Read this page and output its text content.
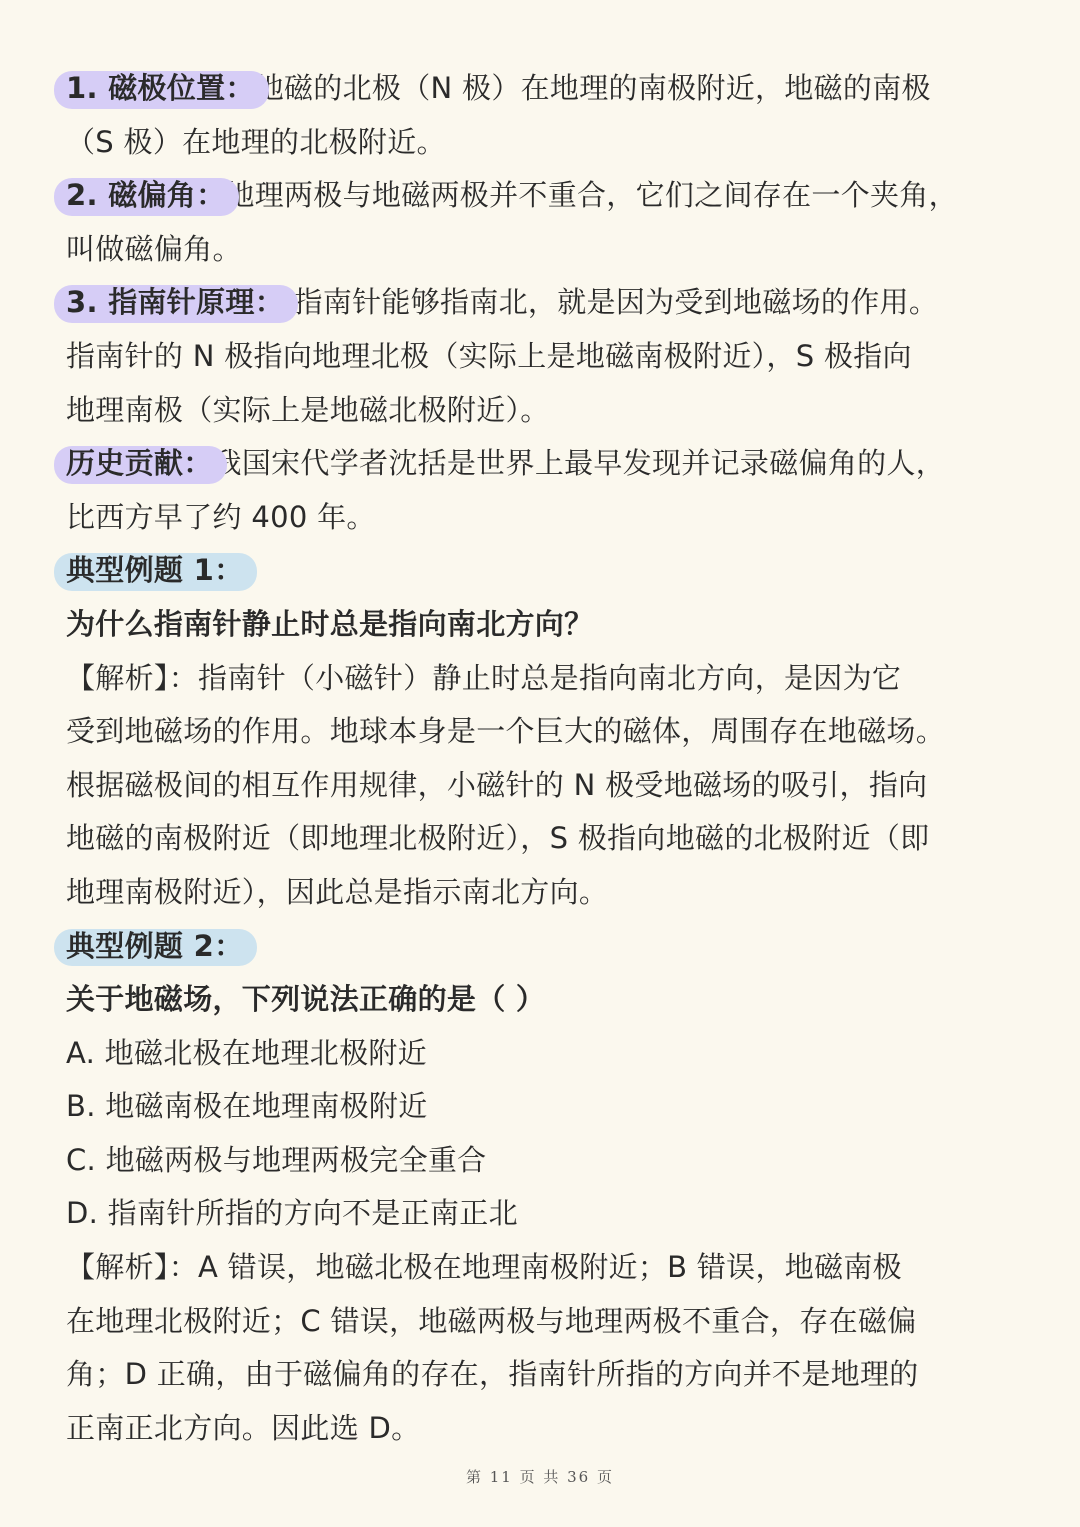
1. 磁极位置：地磁的北极（N 极）在地理的南极附近，地磁的南极
（S 极）在地理的北极附近。
2. 磁偏角：地理两极与地磁两极并不重合，它们之间存在一个夹角，
叫做磁偏角。
3. 指南针原理： 指南针能够指南北，就是因为受到地磁场的作用。
指南针的 N 极指向地理北极（实际上是地磁南极附近），S 极指向
地理南极（实际上是地磁北极附近）。
历史贡献：我国宋代学者沈括是世界上最早发现并记录磁偏角的人，
比西方早了约 400 年。
典型例题 1：
为什么指南针静止时总是指向南北方向？
【解析】：指南针（小磁针）静止时总是指向南北方向，是因为它
受到地磁场的作用。地球本身是一个巨大的磁体，周围存在地磁场。
根据磁极间的相互作用规律，小磁针的 N 极受地磁场的吸引，指向
地磁的南极附近（即地理北极附近），S 极指向地磁的北极附近（即
地理南极附近），因此总是指示南北方向。
典型例题 2：
关于地磁场，下列说法正确的是（ ）
A. 地磁北极在地理北极附近
B. 地磁南极在地理南极附近
C. 地磁两极与地理两极完全重合
D. 指南针所指的方向不是正南正北
【解析】：A 错误，地磁北极在地理南极附近；B 错误，地磁南极
在地理北极附近；C 错误，地磁两极与地理两极不重合，存在磁偏
角；D 正确，由于磁偏角的存在，指南针所指的方向并不是地理的
正南正北方向。因此选 D。
第 11 页 共 36 页
